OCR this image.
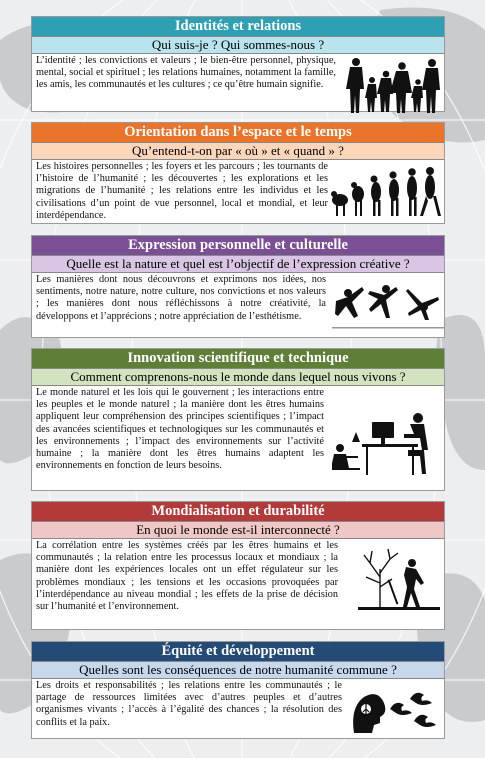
Identités et relations
Qui suis-je ? Qui sommes-nous ?
L’identité ; les convictions et valeurs ; le bien-être personnel, physique, mental, social et spirituel ; les relations humaines, notamment la famille, les amis, les communautés et les cultures ; ce qu’être humain signifie.
Orientation dans l’espace et le temps
Qu’entend-t-on par « où » et « quand » ?
Les histoires personnelles ; les foyers et les parcours ; les tournants de l’histoire de l’humanité ; les découvertes ; les explorations et les migrations de l’humanité ; les relations entre les individus et les civilisations d’un point de vue personnel, local et mondial, et leur interdépendance.
Expression personnelle et culturelle
Quelle est la nature et quel est l’objectif de l’expression créative ?
Les manières dont nous découvrons et exprimons nos idées, nos sentiments, notre nature, notre culture, nos convictions et nos valeurs ; les manières dont nous réfléchissons à notre créativité, la développons et l’apprécions ; notre appréciation de l’esthétisme.
Innovation scientifique et technique
Comment comprenons-nous le monde dans lequel nous vivons ?
Le monde naturel et les lois qui le gouvernent ; les interactions entre les peuples et le monde naturel ; la manière dont les êtres humains appliquent leur compréhension des principes scientifiques ; l’impact des avancées scientifiques et technologiques sur les communautés et les environnements ; l’impact des environnements sur l’activité humaine ; la manière dont les êtres humains adaptent les environnements en fonction de leurs besoins.
Mondialisation et durabilité
En quoi le monde est-il interconnecté ?
La corrélation entre les systèmes créés par les êtres humains et les communautés ; la relation entre les processus locaux et mondiaux ; la manière dont les expériences locales ont un effet régulateur sur les problèmes mondiaux ; les tensions et les occasions provoquées par l’interdépendance au niveau mondial ; les effets de la prise de décision sur l’humanité et l’environnement.
Équité et développement
Quelles sont les conséquences de notre humanité commune ?
Les droits et responsabilités ; les relations entre les communautés ; le partage de ressources limitées avec d’autres peuples et d’autres organismes vivants ; l’accès à l’égalité des chances ; la résolution des conflits et la paix.
